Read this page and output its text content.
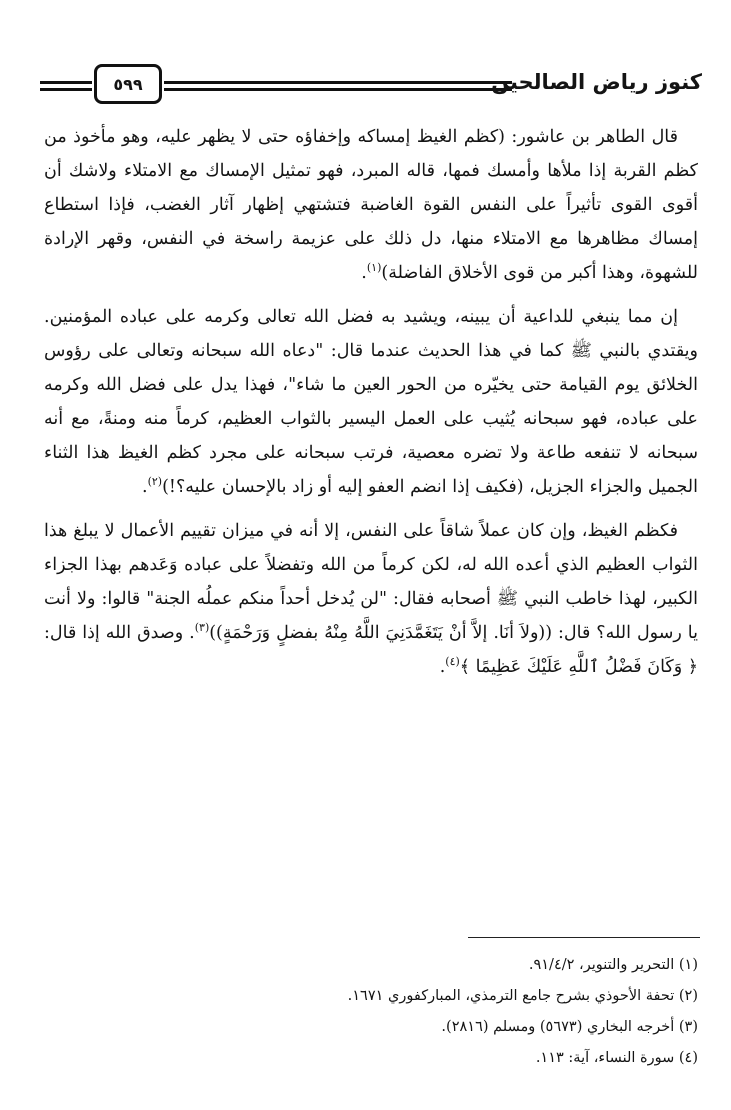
٥٩٩	كنوز رياض الصالحين

قال الطاهر بن عاشور: (كظم الغيظ إمساكه وإخفاؤه حتى لا يظهر عليه، وهو مأخوذ من كظم القربة إذا ملأها وأمسك فمها، قاله المبرد، فهو تمثيل الإمساك مع الامتلاء ولاشك أن أقوى القوى تأثيراً على النفس القوة الغاضبة فتشتهي إظهار آثار الغضب، فإذا استطاع إمساك مظاهرها مع الامتلاء منها، دل ذلك على عزيمة راسخة في النفس، وقهر الإرادة للشهوة، وهذا أكبر من قوى الأخلاق الفاضلة)$^{(١)}$.

إن مما ينبغي للداعية أن يبينه، ويشيد به فضل الله تعالى وكرمه على عباده المؤمنين. ويقتدي بالنبي ﷺ كما في هذا الحديث عندما قال: "دعاه الله سبحانه وتعالى على رؤوس الخلائق يوم القيامة حتى يخيّره من الحور العين ما شاء"، فهذا يدل على فضل الله وكرمه على عباده، فهو سبحانه يُثيب على العمل اليسير بالثواب العظيم، كرماً منه ومنةً، مع أنه سبحانه لا تنفعه طاعة ولا تضره معصية، فرتب سبحانه على مجرد كظم الغيظ هذا الثناء الجميل والجزاء الجزيل، (فكيف إذا انضم العفو إليه أو زاد بالإحسان عليه؟!)$^{(٢)}$.

فكظم الغيظ، وإن كان عملاً شاقاً على النفس، إلا أنه في ميزان تقييم الأعمال لا يبلغ هذا الثواب العظيم الذي أعده الله له، لكن كرماً من الله وتفضلاً على عباده وَعَدهم بهذا الجزاء الكبير، لهذا خاطب النبي ﷺ أصحابه فقال: "لن يُدخل أحداً منكم عملُه الجنة" قالوا: ولا أنت يا رسول الله؟ قال: ((ولاَ أنَا. إلاَّ أنْ يَتَغَمَّدَنِيَ اللَّهُ مِنْهُ بفضلٍ وَرَحْمَةٍ))$^{(٣)}$. وصدق الله إذا قال: ﴿ وَكَانَ فَضْلُ ٱللَّهِ عَلَيْكَ عَظِيمًا ﴾$^{(٤)}$.

(١) التحرير والتنوير، ٩١/٤/٢.

(٢) تحفة الأحوذي بشرح جامع الترمذي، المباركفوري ١٦٧١.

(٣) أخرجه البخاري (٥٦٧٣) ومسلم (٢٨١٦).

(٤) سورة النساء، آية: ١١٣.
